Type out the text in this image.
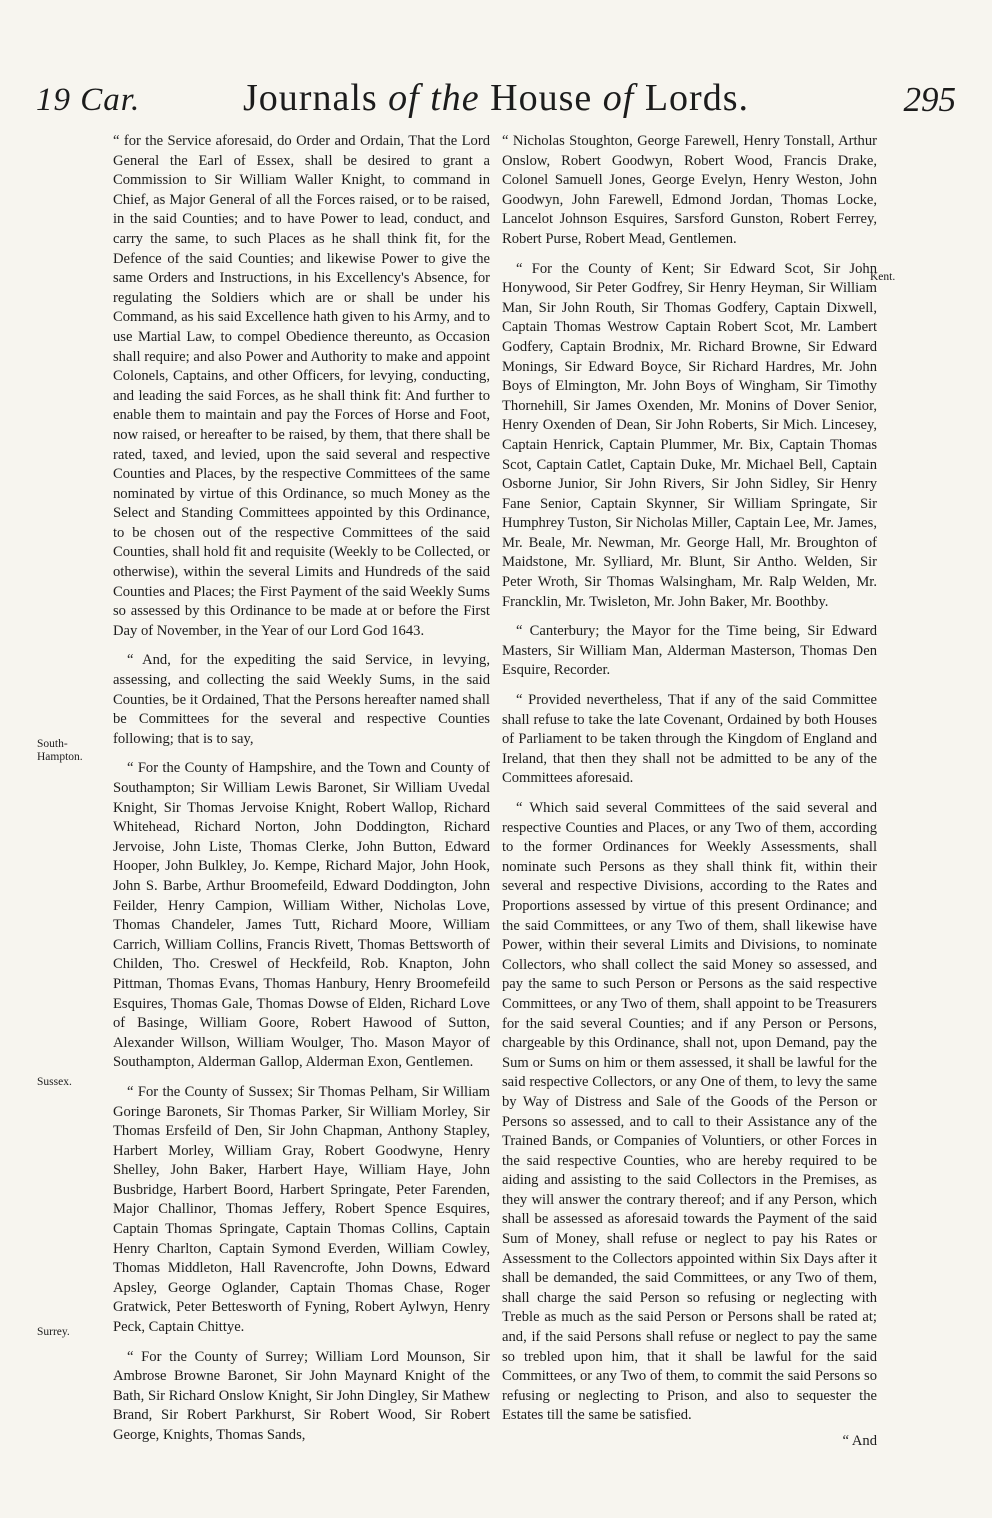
19 Car.	Journals of the House of Lords.	295
South-Hampton.
Sussex.
Surrey.
Kent.

“ for the Service aforesaid, do Order and Ordain, That the Lord General the Earl of Essex, shall be desired to grant a Commission to Sir William Waller Knight, to command in Chief, as Major General of all the Forces raised, or to be raised, in the said Counties; and to have Power to lead, conduct, and carry the same, to such Places as he shall think fit, for the Defence of the said Counties; and likewise Power to give the same Orders and Instructions, in his Excellency's Absence, for regulating the Soldiers which are or shall be under his Command, as his said Excellence hath given to his Army, and to use Martial Law, to compel Obedience thereunto, as Occasion shall require; and also Power and Authority to make and appoint Colonels, Captains, and other Officers, for levying, conducting, and leading the said Forces, as he shall think fit: And further to enable them to maintain and pay the Forces of Horse and Foot, now raised, or hereafter to be raised, by them, that there shall be rated, taxed, and levied, upon the said several and respective Counties and Places, by the respective Committees of the same nominated by virtue of this Ordinance, so much Money as the Select and Standing Committees appointed by this Ordinance, to be chosen out of the respective Committees of the said Counties, shall hold fit and requisite (Weekly to be Collected, or otherwise), within the several Limits and Hundreds of the said Counties and Places; the First Payment of the said Weekly Sums so assessed by this Ordinance to be made at or before the First Day of November, in the Year of our Lord God 1643.

“ And, for the expediting the said Service, in levying, assessing, and collecting the said Weekly Sums, in the said Counties, be it Ordained, That the Persons hereafter named shall be Committees for the several and respective Counties following; that is to say,

“ For the County of Hampshire, and the Town and County of Southampton; Sir William Lewis Baronet, Sir William Uvedal Knight, Sir Thomas Jervoise Knight, Robert Wallop, Richard Whitehead, Richard Norton, John Doddington, Richard Jervoise, John Liste, Thomas Clerke, John Button, Edward Hooper, John Bulkley, Jo. Kempe, Richard Major, John Hook, John S. Barbe, Arthur Broomefeild, Edward Doddington, John Feilder, Henry Campion, William Wither, Nicholas Love, Thomas Chandeler, James Tutt, Richard Moore, William Carrich, William Collins, Francis Rivett, Thomas Bettsworth of Childen, Tho. Creswel of Heckfeild, Rob. Knapton, John Pittman, Thomas Evans, Thomas Hanbury, Henry Broomefeild Esquires, Thomas Gale, Thomas Dowse of Elden, Richard Love of Basinge, William Goore, Robert Hawood of Sutton, Alexander Willson, William Woulger, Tho. Mason Mayor of Southampton, Alderman Gallop, Alderman Exon, Gentlemen.

“ For the County of Sussex; Sir Thomas Pelham, Sir William Goringe Baronets, Sir Thomas Parker, Sir William Morley, Sir Thomas Ersfeild of Den, Sir John Chapman, Anthony Stapley, Harbert Morley, William Gray, Robert Goodwyne, Henry Shelley, John Baker, Harbert Haye, William Haye, John Busbridge, Harbert Boord, Harbert Springate, Peter Farenden, Major Challinor, Thomas Jeffery, Robert Spence Esquires, Captain Thomas Springate, Captain Thomas Collins, Captain Henry Charlton, Captain Symond Everden, William Cowley, Thomas Middleton, Hall Ravencrofte, John Downs, Edward Apsley, George Oglander, Captain Thomas Chase, Roger Gratwick, Peter Bettesworth of Fyning, Robert Aylwyn, Henry Peck, Captain Chittye.

“ For the County of Surrey; William Lord Mounson, Sir Ambrose Browne Baronet, Sir John Maynard Knight of the Bath, Sir Richard Onslow Knight, Sir John Dingley, Sir Mathew Brand, Sir Robert Parkhurst, Sir Robert Wood, Sir Robert George, Knights, Thomas Sands,

“ Nicholas Stoughton, George Farewell, Henry Tonstall, Arthur Onslow, Robert Goodwyn, Robert Wood, Francis Drake, Colonel Samuell Jones, George Evelyn, Henry Weston, John Goodwyn, John Farewell, Edmond Jordan, Thomas Locke, Lancelot Johnson Esquires, Sarsford Gunston, Robert Ferrey, Robert Purse, Robert Mead, Gentlemen.

“ For the County of Kent; Sir Edward Scot, Sir John Honywood, Sir Peter Godfrey, Sir Henry Heyman, Sir William Man, Sir John Routh, Sir Thomas Godfery, Captain Dixwell, Captain Thomas Westrow Captain Robert Scot, Mr. Lambert Godfery, Captain Brodnix, Mr. Richard Browne, Sir Edward Monings, Sir Edward Boyce, Sir Richard Hardres, Mr. John Boys of Elmington, Mr. John Boys of Wingham, Sir Timothy Thornehill, Sir James Oxenden, Mr. Monins of Dover Senior, Henry Oxenden of Dean, Sir John Roberts, Sir Mich. Lincesey, Captain Henrick, Captain Plummer, Mr. Bix, Captain Thomas Scot, Captain Catlet, Captain Duke, Mr. Michael Bell, Captain Osborne Junior, Sir John Rivers, Sir John Sidley, Sir Henry Fane Senior, Captain Skynner, Sir William Springate, Sir Humphrey Tuston, Sir Nicholas Miller, Captain Lee, Mr. James, Mr. Beale, Mr. Newman, Mr. George Hall, Mr. Broughton of Maidstone, Mr. Sylliard, Mr. Blunt, Sir Antho. Welden, Sir Peter Wroth, Sir Thomas Walsingham, Mr. Ralp Welden, Mr. Francklin, Mr. Twisleton, Mr. John Baker, Mr. Boothby.

“ Canterbury; the Mayor for the Time being, Sir Edward Masters, Sir William Man, Alderman Masterson, Thomas Den Esquire, Recorder.

“ Provided nevertheless, That if any of the said Committee shall refuse to take the late Covenant, Ordained by both Houses of Parliament to be taken through the Kingdom of England and Ireland, that then they shall not be admitted to be any of the Committees aforesaid.

“ Which said several Committees of the said several and respective Counties and Places, or any Two of them, according to the former Ordinances for Weekly Assessments, shall nominate such Persons as they shall think fit, within their several and respective Divisions, according to the Rates and Proportions assessed by virtue of this present Ordinance; and the said Committees, or any Two of them, shall likewise have Power, within their several Limits and Divisions, to nominate Collectors, who shall collect the said Money so assessed, and pay the same to such Person or Persons as the said respective Committees, or any Two of them, shall appoint to be Treasurers for the said several Counties; and if any Person or Persons, chargeable by this Ordinance, shall not, upon Demand, pay the Sum or Sums on him or them assessed, it shall be lawful for the said respective Collectors, or any One of them, to levy the same by Way of Distress and Sale of the Goods of the Person or Persons so assessed, and to call to their Assistance any of the Trained Bands, or Companies of Voluntiers, or other Forces in the said respective Counties, who are hereby required to be aiding and assisting to the said Collectors in the Premises, as they will answer the contrary thereof; and if any Person, which shall be assessed as aforesaid towards the Payment of the said Sum of Money, shall refuse or neglect to pay his Rates or Assessment to the Collectors appointed within Six Days after it shall be demanded, the said Committees, or any Two of them, shall charge the said Person so refusing or neglecting with Treble as much as the said Person or Persons shall be rated at; and, if the said Persons shall refuse or neglect to pay the same so trebled upon him, that it shall be lawful for the said Committees, or any Two of them, to commit the said Persons so refusing or neglecting to Prison, and also to sequester the Estates till the same be satisfied.

“ And
